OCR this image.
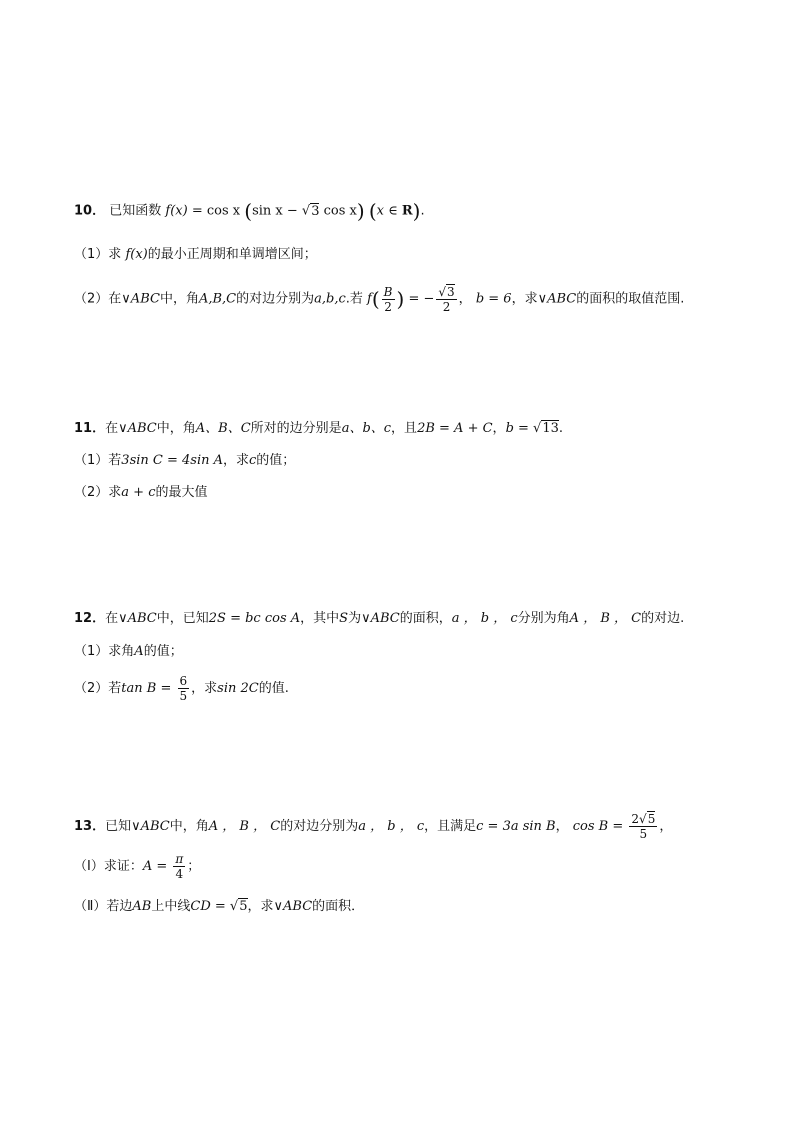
10． 已知函数 f(x) = cos x (sin x − √3 cos x) (x ∈ R).
（1）求 f(x)的最小正周期和单调增区间；
（2）在∨ABC中，角A,B,C的对边分别为a,b,c.若 $f( \frac{B}{2}$ ) = − $\frac{√3}{2}$ ， b = 6，求∨ABC的面积的取值范围.
11．在∨ABC中，角A、B、C所对的边分别是a、b、c，且2B = A + C，b = √13.
（1）若3sin C = 4sin A，求c的值；
（2）求a + c的最大值
12．在∨ABC中，已知2S = bc cos A，其中S为∨ABC的面积，a ， b ， c分别为角A ， B ， C的对边.
（1）求角A的值；
（2）若$\tan B = \frac{6}{5}$ ，求sin 2C的值.
13．已知∨ABC中，角A ， B ， C的对边分别为a ， b ， c，且满足c = 3a sin B， $\cos B = \frac{2√5}{5}$ ，
（Ⅰ）求证：$A = \frac{\pi}{4}$ ；
（Ⅱ）若边AB上中线CD = √5，求∨ABC的面积．
